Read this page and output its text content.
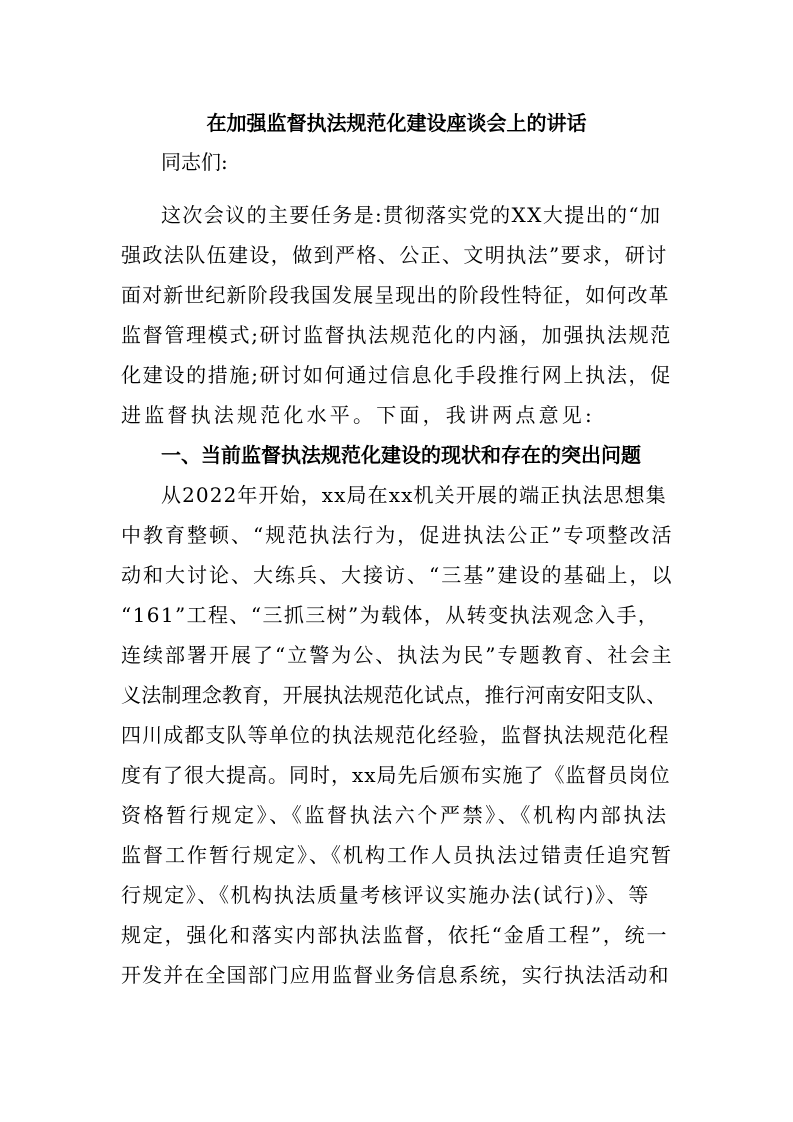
在加强监督执法规范化建设座谈会上的讲话
同志们:
这次会议的主要任务是:贯彻落实党的XX大提出的“加
强政法队伍建设，做到严格、公正、文明执法”要求，研讨
面对新世纪新阶段我国发展呈现出的阶段性特征，如何改革
监督管理模式;研讨监督执法规范化的内涵，加强执法规范
化建设的措施;研讨如何通过信息化手段推行网上执法，促
进监督执法规范化水平。下面，我讲两点意见:
一、当前监督执法规范化建设的现状和存在的突出问题
从2022年开始，xx局在xx机关开展的端正执法思想集
中教育整顿、“规范执法行为，促进执法公正”专项整改活
动和大讨论、大练兵、大接访、“三基”建设的基础上，以
“161”工程、“三抓三树”为载体，从转变执法观念入手，
连续部署开展了“立警为公、执法为民”专题教育、社会主
义法制理念教育，开展执法规范化试点，推行河南安阳支队、
四川成都支队等单位的执法规范化经验，监督执法规范化程
度有了很大提高。同时，xx局先后颁布实施了《监督员岗位
资格暂行规定》、《监督执法六个严禁》、《机构内部执法
监督工作暂行规定》、《机构工作人员执法过错责任追究暂
行规定》、《机构执法质量考核评议实施办法(试行)》、等
规定，强化和落实内部执法监督，依托“金盾工程”，统一
开发并在全国部门应用监督业务信息系统，实行执法活动和
